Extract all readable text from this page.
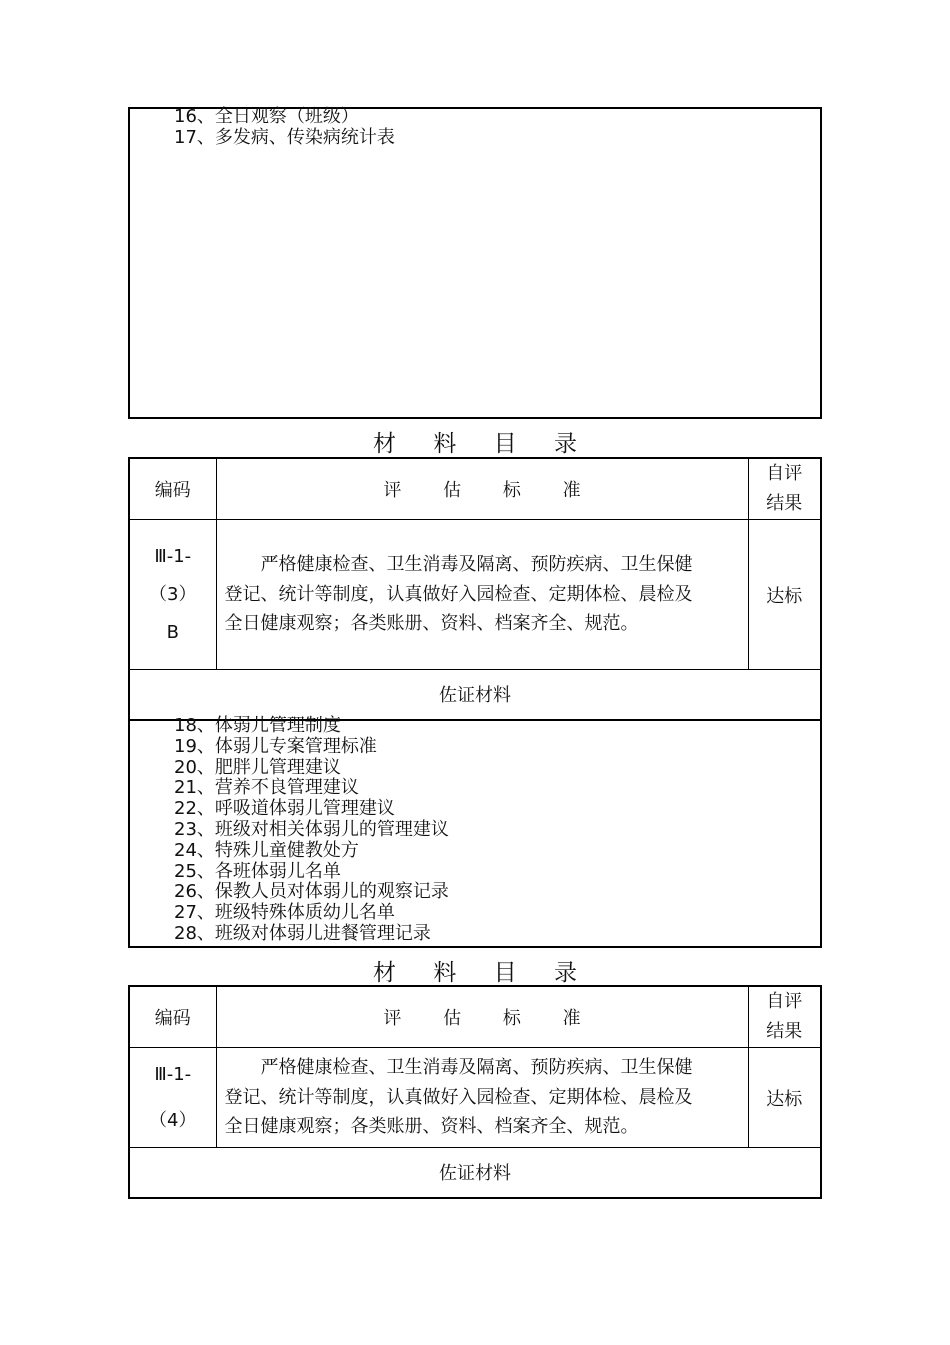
16、全日观察（班级）
17、多发病、传染病统计表
材 料 目 录
编码	评 估 标 准	自评
结果

Ⅲ-1-
（3）
B	严格健康检查、卫生消毒及隔离、预防疾病、卫生保健登记、统计等制度，认真做好入园检查、定期体检、晨检及全日健康观察；各类账册、资料、档案齐全、规范。	达标
佐证材料		
18、体弱儿管理制度
19、体弱儿专案管理标准
20、肥胖儿管理建议
21、营养不良管理建议
22、呼吸道体弱儿管理建议
23、班级对相关体弱儿的管理建议
24、特殊儿童健教处方
25、各班体弱儿名单
26、保教人员对体弱儿的观察记录
27、班级特殊体质幼儿名单
28、班级对体弱儿进餐管理记录
材 料 目 录
编码	评 估 标 准	自评
结果

Ⅲ-1-
（4）	严格健康检查、卫生消毒及隔离、预防疾病、卫生保健登记、统计等制度，认真做好入园检查、定期体检、晨检及全日健康观察；各类账册、资料、档案齐全、规范。	达标
佐证材料		
